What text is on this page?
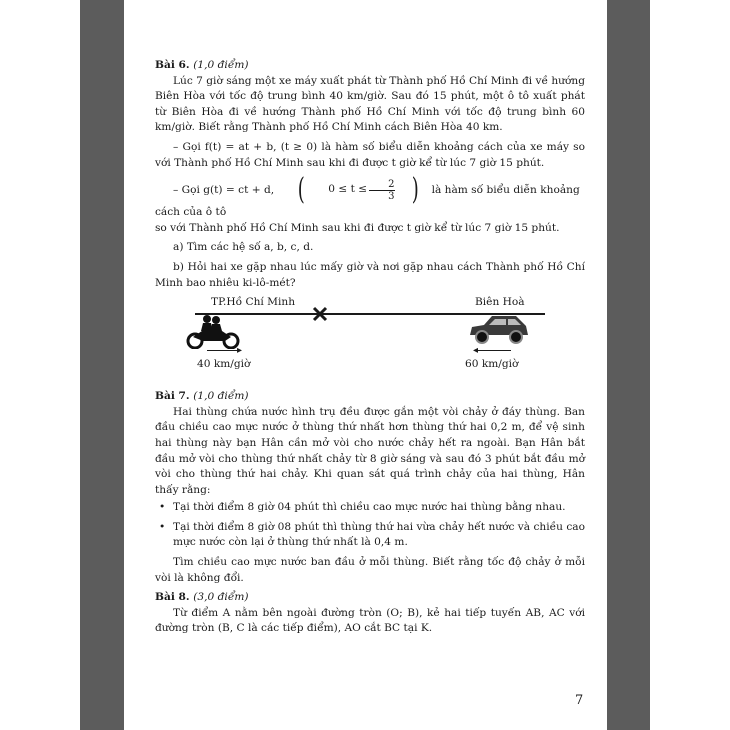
Bài 6. (1,0 điểm)

Lúc 7 giờ sáng một xe máy xuất phát từ Thành phố Hồ Chí Minh đi về hướng Biên Hòa với tốc độ trung bình 40 km/giờ. Sau đó 15 phút, một ô tô xuất phát từ Biên Hòa đi về hướng Thành phố Hồ Chí Minh với tốc độ trung bình 60 km/giờ. Biết rằng Thành phố Hồ Chí Minh cách Biên Hòa 40 km.

– Gọi f(t) = at + b, (t ≥ 0) là hàm số biểu diễn khoảng cách của xe máy so với Thành phố Hồ Chí Minh sau khi đi được t giờ kể từ lúc 7 giờ 15 phút.

– Gọi g(t) = ct + d, (	$0 \le t \le \frac{2}{3}$ ) là hàm số biểu diễn khoảng cách của ô tô

so với Thành phố Hồ Chí Minh sau khi đi được t giờ kể từ lúc 7 giờ 15 phút.

a) Tìm các hệ số a, b, c, d.

b) Hỏi hai xe gặp nhau lúc mấy giờ và nơi gặp nhau cách Thành phố Hồ Chí Minh bao nhiêu ki-lô-mét?

TP.Hồ Chí Minh	Biên Hoà
▸	◂
40 km/giờ	60 km/giờ

Bài 7. (1,0 điểm)

Hai thùng chứa nước hình trụ đều được gắn một vòi chảy ở đáy thùng. Ban đầu chiều cao mực nước ở thùng thứ nhất hơn thùng thứ hai 0,2 m, để vệ sinh hai thùng này bạn Hân cần mở vòi cho nước chảy hết ra ngoài. Bạn Hân bắt đầu mở vòi cho thùng thứ nhất chảy từ 8 giờ sáng và sau đó 3 phút bắt đầu mở vòi cho thùng thứ hai chảy. Khi quan sát quá trình chảy của hai thùng, Hân thấy rằng:

• Tại thời điểm 8 giờ 04 phút thì chiều cao mực nước hai thùng bằng nhau.
• Tại thời điểm 8 giờ 08 phút thì thùng thứ hai vừa chảy hết nước và chiều cao mực nước còn lại ở thùng thứ nhất là 0,4 m.

Tìm chiều cao mực nước ban đầu ở mỗi thùng. Biết rằng tốc độ chảy ở mỗi vòi là không đổi.

Bài 8. (3,0 điểm)

Từ điểm A nằm bên ngoài đường tròn (O; B), kẻ hai tiếp tuyến AB, AC với đường tròn (B, C là các tiếp điểm), AO cắt BC tại K.

7
